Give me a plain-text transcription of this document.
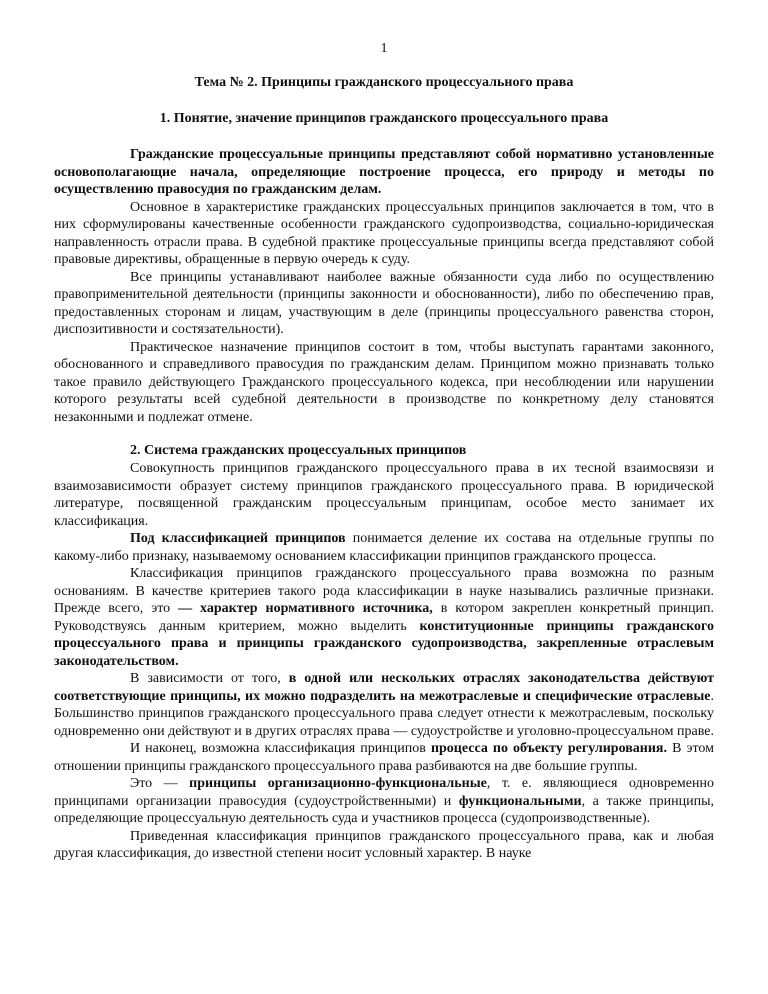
1
Тема № 2. Принципы гражданского процессуального права
1. Понятие, значение принципов гражданского процессуального права

Гражданские процессуальные принципы представляют собой нормативно установленные основополагающие начала, определяющие построение процесса, его природу и методы по осуществлению правосудия по гражданским делам.

Основное в характеристике гражданских процессуальных принципов заключается в том, что в них сформулированы качественные особенности гражданского судопроизводства, социально-юридическая направленность отрасли права. В судебной практике процессуальные принципы всегда представляют собой правовые директивы, обращенные в первую очередь к суду.

Все принципы устанавливают наиболее важные обязанности суда либо по осуществлению правоприменительной деятельности (принципы законности и обоснованности), либо по обеспечению прав, предоставленных сторонам и лицам, участвующим в деле (принципы процессуального равенства сторон, диспозитивности и состязательности).

Практическое назначение принципов состоит в том, чтобы выступать гарантами законного, обоснованного и справедливого правосудия по гражданским делам. Принципом можно признавать только такое правило действующего Гражданского процессуального кодекса, при несоблюдении или нарушении которого результаты всей судебной деятельности в производстве по конкретному делу становятся незаконными и подлежат отмене.

2. Система гражданских процессуальных принципов

Совокупность принципов гражданского процессуального права в их тесной взаимосвязи и взаимозависимости образует систему принципов гражданского процессуального права. В юридической литературе, посвященной гражданским процессуальным принципам, особое место занимает их классификация.

Под классификацией принципов понимается деление их состава на отдельные группы по какому-либо признаку, называемому основанием классификации принципов гражданского процесса.

Классификация принципов гражданского процессуального права возможна по разным основаниям. В качестве критериев такого рода классификации в науке назывались различные признаки. Прежде всего, это — характер нормативного источника, в котором закреплен конкретный принцип. Руководствуясь данным критерием, можно выделить конституционные принципы гражданского процессуального права и принципы гражданского судопроизводства, закрепленные отраслевым законодательством.

В зависимости от того, в одной или нескольких отраслях законодательства действуют соответствующие принципы, их можно подразделить на межотраслевые и специфические отраслевые. Большинство принципов гражданского процессуального права следует отнести к межотраслевым, поскольку одновременно они действуют и в других отраслях права — судоустройстве и уголовно-процессуальном праве.

И наконец, возможна классификация принципов процесса по объекту регулирования. В этом отношении принципы гражданского процессуального права разбиваются на две большие группы.

Это — принципы организационно-функциональные, т. е. являющиеся одновременно принципами организации правосудия (судоустройственными) и функциональными, а также принципы, определяющие процессуальную деятельность суда и участников процесса (судопроизводственные).

Приведенная классификация принципов гражданского процессуального права, как и любая другая классификация, до известной степени носит условный характер. В науке
